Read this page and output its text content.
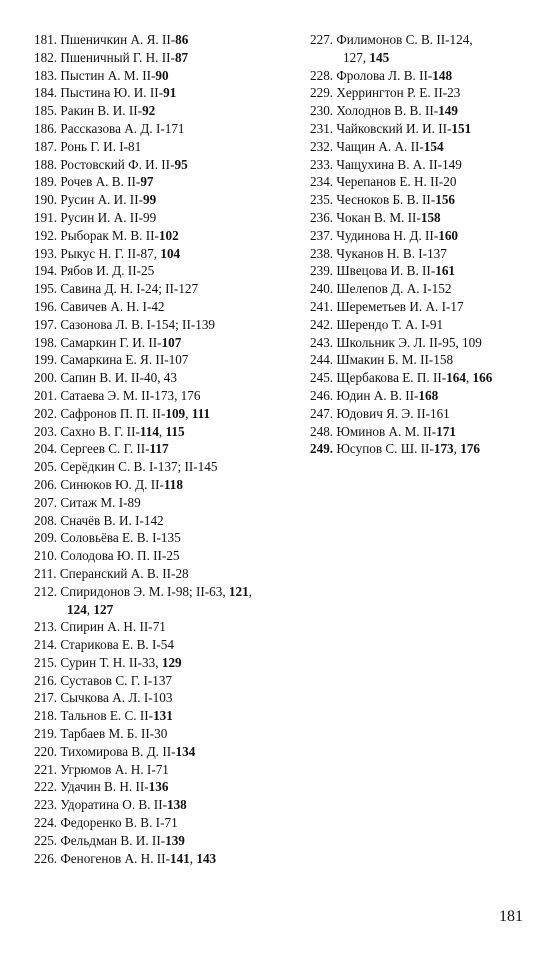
181. Пшеничкин А. Я. II-86
182. Пшеничный Г. Н. II-87
183. Пыстин А. М. II-90
184. Пыстина Ю. И. II-91
185. Ракин В. И. II-92
186. Рассказова А. Д. I-171
187. Ронь Г. И. I-81
188. Ростовский Ф. И. II-95
189. Рочев А. В. II-97
190. Русин А. И. II-99
191. Русин И. А. II-99
192. Рыборак М. В. II-102
193. Рыкус Н. Г. II-87, 104
194. Рябов И. Д. II-25
195. Савина Д. Н. I-24; II-127
196. Савичев А. Н. I-42
197. Сазонова Л. В. I-154; II-139
198. Самаркин Г. И. II-107
199. Самаркина Е. Я. II-107
200. Сапин В. И. II-40, 43
201. Сатаева Э. М. II-173, 176
202. Сафронов П. П. II-109, 111
203. Сахно В. Г. II-114, 115
204. Сергеев С. Г. II-117
205. Серёдкин С. В. I-137; II-145
206. Синюков Ю. Д. II-118
207. Ситаж М. I-89
208. Сначёв В. И. I-142
209. Соловьёва Е. В. I-135
210. Солодова Ю. П. II-25
211. Сперанский А. В. II-28
212. Спиридонов Э. М. I-98; II-63, 121,
124, 127
213. Спирин А. Н. II-71
214. Старикова Е. В. I-54
215. Сурин Т. Н. II-33, 129
216. Суставов С. Г. I-137
217. Сычкова А. Л. I-103
218. Тальнов Е. С. II-131
219. Тарбаев М. Б. II-30
220. Тихомирова В. Д. II-134
221. Угрюмов А. Н. I-71
222. Удачин В. Н. II-136
223. Удоратина О. В. II-138
224. Федоренко В. В. I-71
225. Фельдман В. И. II-139
226. Феногенов А. Н. II-141, 143
227. Филимонов С. В. II-124,
127, 145
228. Фролова Л. В. II-148
229. Херрингтон Р. Е. II-23
230. Холоднов В. В. II-149
231. Чайковский И. И. II-151
232. Чащин А. А. II-154
233. Чащухина В. А. II-149
234. Черепанов Е. Н. II-20
235. Чесноков Б. В. II-156
236. Чокан В. М. II-158
237. Чудинова Н. Д. II-160
238. Чуканов Н. В. I-137
239. Швецова И. В. II-161
240. Шелепов Д. А. I-152
241. Шереметьев И. А. I-17
242. Шерендо Т. А. I-91
243. Школьник Э. Л. II-95, 109
244. Шмакин Б. М. II-158
245. Щербакова Е. П. II-164, 166
246. Юдин А. В. II-168
247. Юдович Я. Э. II-161
248. Юминов А. М. II-171
249. Юсупов С. Ш. II-173, 176
181
